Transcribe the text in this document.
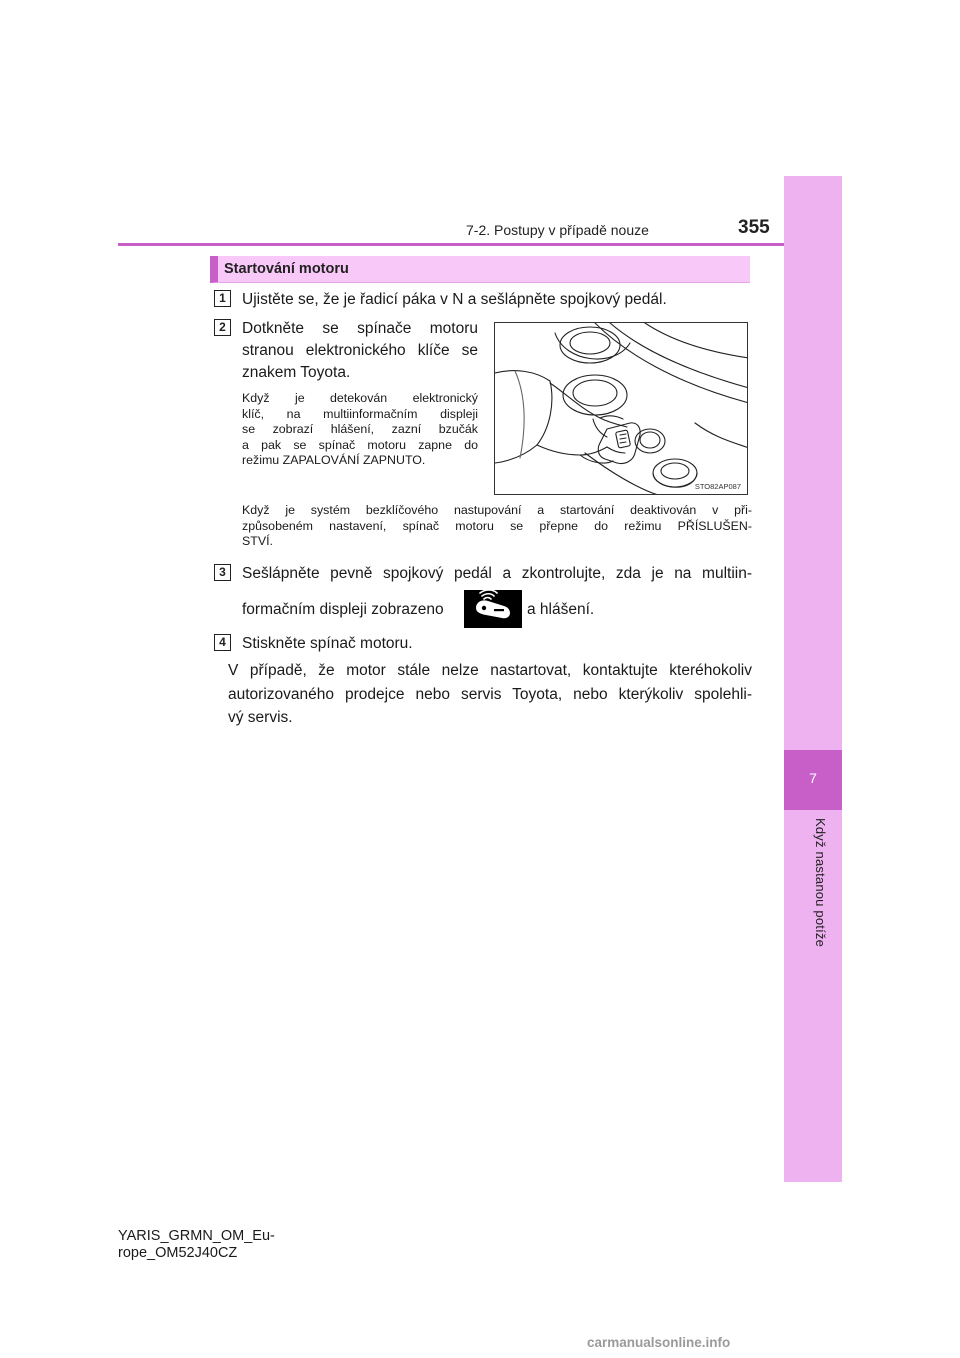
7
Když nastanou potíže
7-2. Postupy v případě nouze	355
Startování motoru
1	Ujistěte se, že je řadicí páka v N a sešlápněte spojkový pedál.
2	Dotkněte se spínače motoru
stranou elektronického klíče se
znakem Toyota.
Když je detekován elektronický
klíč, na multiinformačním displeji
se zobrazí hlášení, zazní bzučák
a pak se spínač motoru zapne do
režimu ZAPALOVÁNÍ ZAPNUTO.
STO82AP087
Když je systém bezklíčového nastupování a startování deaktivován v při-
způsobeném nastavení, spínač motoru se přepne do režimu PŘÍSLUŠEN-
STVÍ.
3	Sešlápněte pevně spojkový pedál a zkontrolujte, zda je na multiin-
formačním displeji zobrazeno	a hlášení.
4	Stiskněte spínač motoru.
V případě, že motor stále nelze nastartovat, kontaktujte kteréhokoliv
autorizovaného prodejce nebo servis Toyota, nebo kterýkoliv spolehli-
vý servis.
YARIS_GRMN_OM_Eu-
rope_OM52J40CZ
carmanualsonline.info
